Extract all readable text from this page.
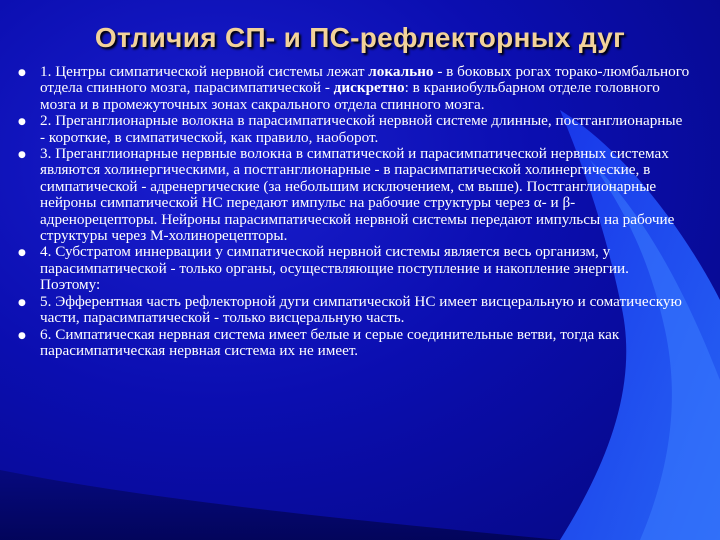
Отличия СП- и ПС-рефлекторных дуг
● 1. Центры симпатической нервной системы лежат локально - в боковых рогах торако-люмбального отдела спинного мозга, парасимпатической - дискретно: в краниобульбарном отделе головного мозга и в промежуточных зонах сакрального отдела спинного мозга.
● 2. Преганглионарные волокна в парасимпатической нервной системе длинные, постганглионарные - короткие, в симпатической, как правило, наоборот.
● 3. Преганглионарные нервные волокна в симпатической и парасимпатической нервных системах являются холинергическими, а постганглионарные - в парасимпатической холинергические, в симпатической - адренергические (за небольшим исключением, см выше). Постганглионарные нейроны симпатической НС передают импульс на рабочие структуры через α- и β-адренорецепторы. Нейроны парасимпатической нервной системы передают импульсы на рабочие структуры через М-холинорецепторы.
● 4. Субстратом иннервации у симпатической нервной системы является весь организм, у парасимпатической - только органы, осуществляющие поступление и накопление энергии. Поэтому:
● 5. Эфферентная часть рефлекторной дуги симпатической НС имеет висцеральную и соматическую части, парасимпатической - только висцеральную часть.
● 6. Симпатическая нервная система имеет белые и серые соединительные ветви, тогда как парасимпатическая нервная система их не имеет.
